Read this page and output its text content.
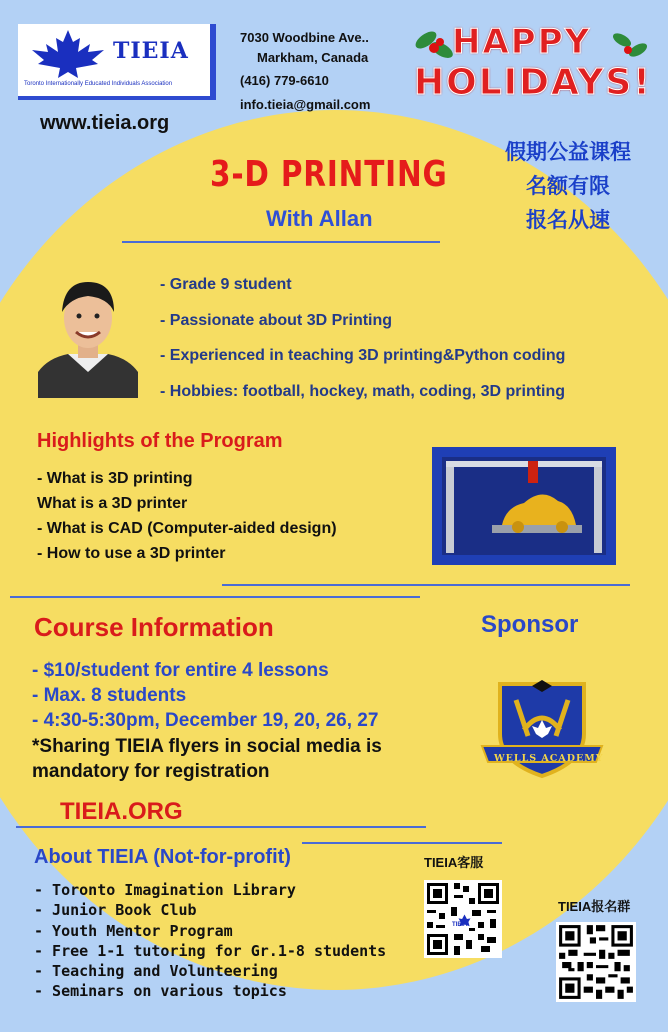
TIEIA
Toronto Internationally Educated Individuals Association
www.tieia.org
7030 Woodbine Ave..
Markham, Canada
(416) 779-6610
info.tieia@gmail.com
HAPPY
HOLIDAYS!
假期公益课程
名额有限
报名从速
3-D PRINTING
With Allan
- Grade 9 student
- Passionate about 3D Printing
- Experienced in teaching 3D printing&Python coding
- Hobbies: football, hockey, math, coding, 3D printing
Highlights of the Program
- What is 3D printing
What is a 3D printer
- What is CAD (Computer-aided design)
- How to use a 3D printer
Course Information
- $10/student for entire 4 lessons
- Max. 8 students
- 4:30-5:30pm, December 19, 20, 26, 27
*Sharing TIEIA flyers in social media is mandatory for registration
Sponsor
WELLS ACADEMY
TIEIA.ORG
About TIEIA (Not-for-profit)
- Toronto Imagination Library
- Junior Book Club
- Youth Mentor Program
- Free 1-1 tutoring for Gr.1-8 students
- Teaching and Volunteering
- Seminars on various topics
TIEIA客服
TIEIA
TIEIA报名群
